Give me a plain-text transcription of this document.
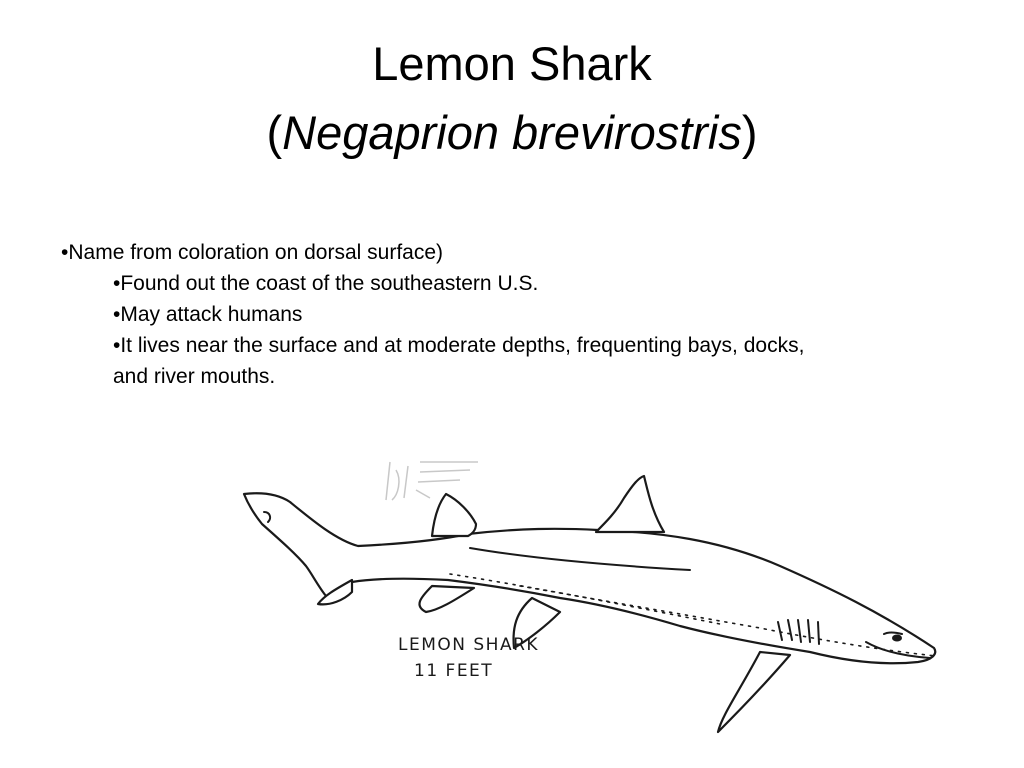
Lemon Shark
(Negaprion brevirostris)
•Name from coloration on dorsal surface)
•Found out the coast of the southeastern U.S.
•May attack humans
•It lives near the surface and at moderate depths, frequenting bays, docks,
and river mouths.
LEMON SHARK
11 FEET
